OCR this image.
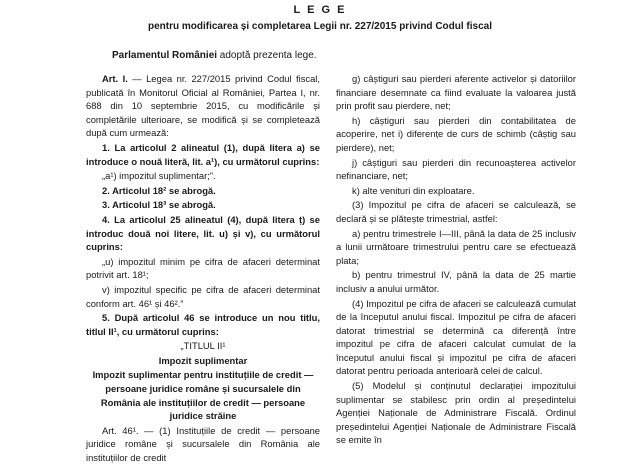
L E G E
pentru modificarea și completarea Legii nr. 227/2015 privind Codul fiscal
Parlamentul României adoptă prezenta lege.

Art. I. — Legea nr. 227/2015 privind Codul fiscal, publicată în Monitorul Oficial al României, Partea I, nr. 688 din 10 septembrie 2015, cu modificările și completările ulterioare, se modifică și se completează după cum urmează:

1. La articolul 2 alineatul (1), după litera a) se introduce o nouă literă, lit. a¹), cu următorul cuprins:

„a¹) impozitul suplimentar;”.

2. Articolul 18² se abrogă.

3. Articolul 18³ se abrogă.

4. La articolul 25 alineatul (4), după litera ț) se introduc două noi litere, lit. u) și v), cu următorul cuprins:

„u) impozitul minim pe cifra de afaceri determinat potrivit art. 18¹;

v) impozitul specific pe cifra de afaceri determinat conform art. 46¹ și 46².”

5. După articolul 46 se introduce un nou titlu, titlul II¹, cu următorul cuprins:

„TITLUL II¹

Impozit suplimentar

Impozit suplimentar pentru instituțiile de credit — persoane juridice române și sucursalele din România ale instituțiilor de credit — persoane juridice străine

Art. 46¹. — (1) Instituțiile de credit — persoane juridice române și sucursalele din România ale instituțiilor de credit

g) câștiguri sau pierderi aferente activelor și datoriilor financiare desemnate ca fiind evaluate la valoarea justă prin profit sau pierdere, net;

h) câștiguri sau pierderi din contabilitatea de acoperire, net i) diferențe de curs de schimb (câștig sau pierdere), net;

j) câștiguri sau pierderi din recunoașterea activelor nefinanciare, net;

k) alte venituri din exploatare.

(3) Impozitul pe cifra de afaceri se calculează, se declară și se plătește trimestrial, astfel:

a) pentru trimestrele I—III, până la data de 25 inclusiv a lunii următoare trimestrului pentru care se efectuează plata;

b) pentru trimestrul IV, până la data de 25 martie inclusiv a anului următor.

(4) Impozitul pe cifra de afaceri se calculează cumulat de la începutul anului fiscal. Impozitul pe cifra de afaceri datorat trimestrial se determină ca diferență între impozitul pe cifra de afaceri calculat cumulat de la începutul anului fiscal și impozitul pe cifra de afaceri datorat pentru perioada anterioară celei de calcul.

(5) Modelul și conținutul declarației impozitului suplimentar se stabilesc prin ordin al președintelui Agenției Naționale de Administrare Fiscală. Ordinul președintelui Agenției Naționale de Administrare Fiscală se emite în
